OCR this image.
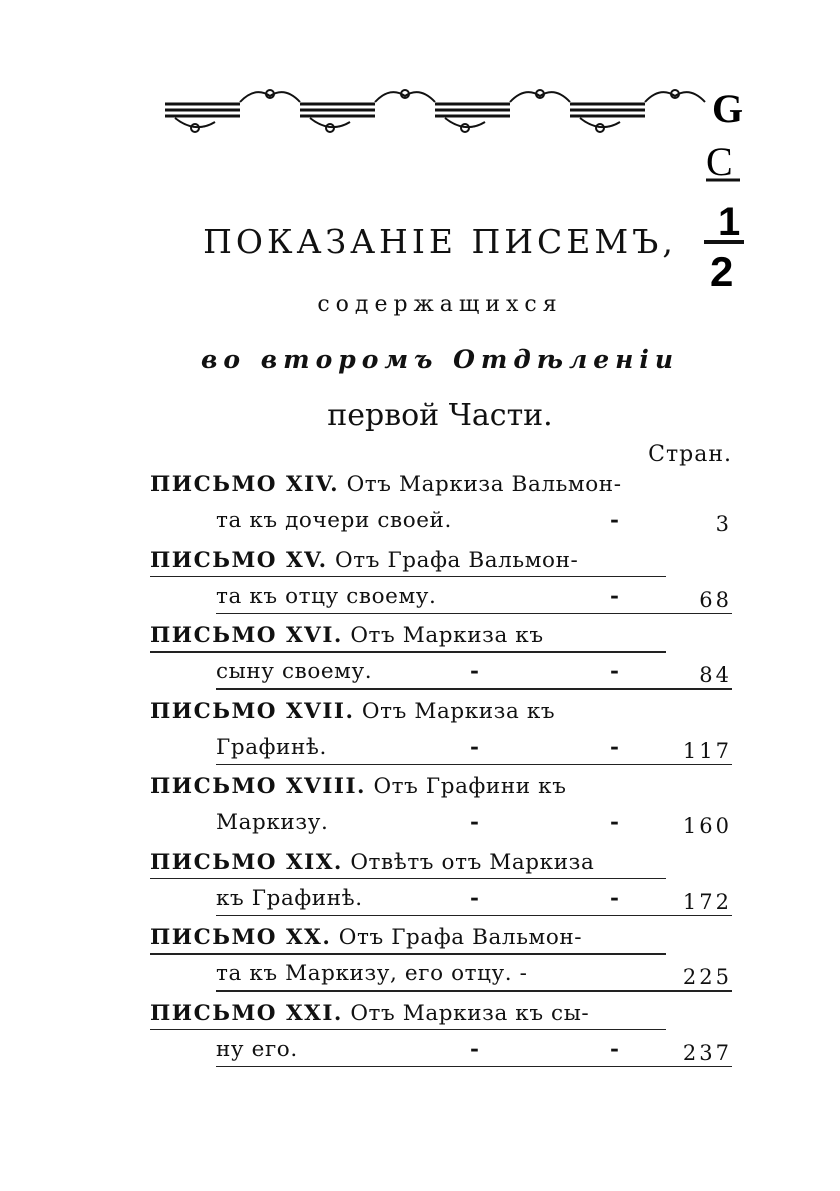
G
C
1
2
ПОКАЗАНІЕ ПИСЕМЪ,
содержащихся
во второмъ Отдѣленіи
первой Части.
Стран.
ПИСЬМО XIV. Отъ Маркиза Вальмон-
та къ дочери своей.	-	3
ПИСЬМО XV. Отъ Графа Вальмон-
та къ отцу своему.	-	68
ПИСЬМО XVI. Отъ Маркиза къ
сыну своему.	-	-	84
ПИСЬМО XVII. Отъ Маркиза къ
Графинѣ.	-	-	117
ПИСЬМО XVIII. Отъ Графини къ
Маркизу.	-	-	160
ПИСЬМО XIX. Отвѣтъ отъ Маркиза
къ Графинѣ.	-	-	172
ПИСЬМО XX. Отъ Графа Вальмон-
та къ Маркизу, его отцу. -	225
ПИСЬМО XXI. Отъ Маркиза къ сы-
ну его.	-	-	237
